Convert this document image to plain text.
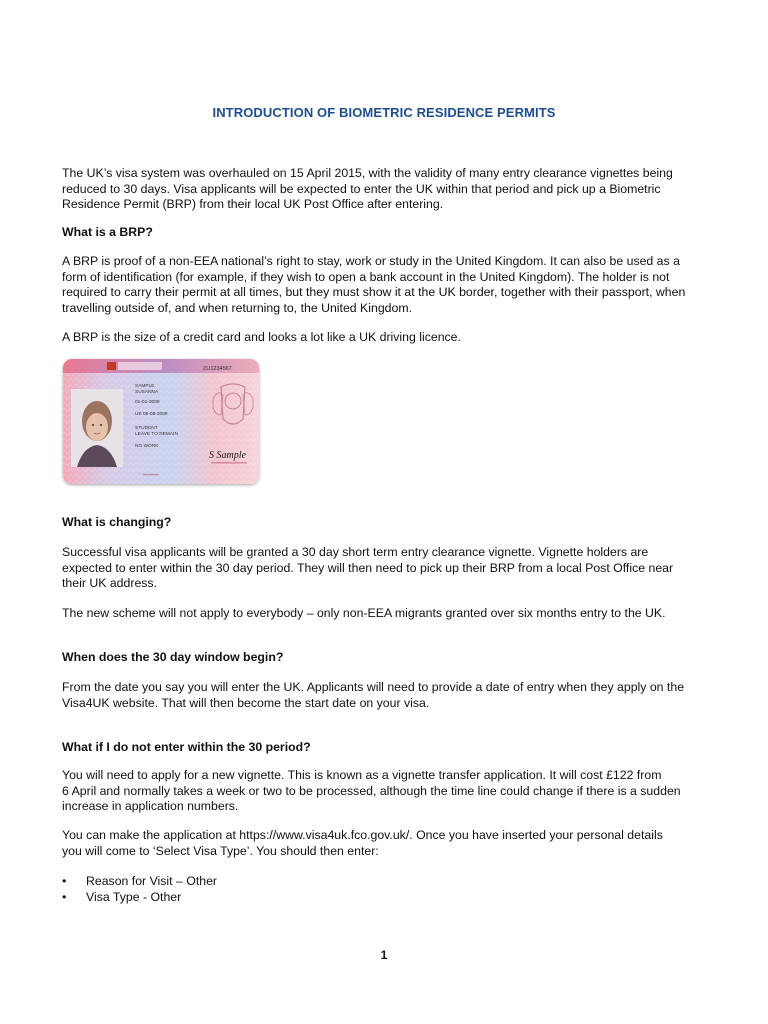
INTRODUCTION OF BIOMETRIC RESIDENCE PERMITS

The UK’s visa system was overhauled on 15 April 2015, with the validity of many entry clearance vignettes being
reduced to 30 days. Visa applicants will be expected to enter the UK within that period and pick up a Biometric
Residence Permit (BRP) from their local UK Post Office after entering.

What is a BRP?

A BRP is proof of a non-EEA national’s right to stay, work or study in the United Kingdom. It can also be used as a
form of identification (for example, if they wish to open a bank account in the United Kingdom). The holder is not
required to carry their permit at all times, but they must show it at the UK border, together with their passport, when
travelling outside of, and when returning to, the United Kingdom.

A BRP is the size of a credit card and looks a lot like a UK driving licence.

ZU1234567
SAMPLE
SUSANNA
01-01-2009
UK 06-06-2009
STUDENT
LEAVE TO REMAIN
NO WORK
S Sample

What is changing?

Successful visa applicants will be granted a 30 day short term entry clearance vignette. Vignette holders are
expected to enter within the 30 day period. They will then need to pick up their BRP from a local Post Office near
their UK address.

The new scheme will not apply to everybody – only non-EEA migrants granted over six months entry to the UK.

When does the 30 day window begin?

From the date you say you will enter the UK. Applicants will need to provide a date of entry when they apply on the
Visa4UK website. That will then become the start date on your visa.

What if I do not enter within the 30 period?

You will need to apply for a new vignette. This is known as a vignette transfer application. It will cost £122 from
6 April and normally takes a week or two to be processed, although the time line could change if there is a sudden
increase in application numbers.

You can make the application at https://www.visa4uk.fco.gov.uk/. Once you have inserted your personal details
you will come to ‘Select Visa Type’. You should then enter:

• Reason for Visit – Other
• Visa Type - Other
1
